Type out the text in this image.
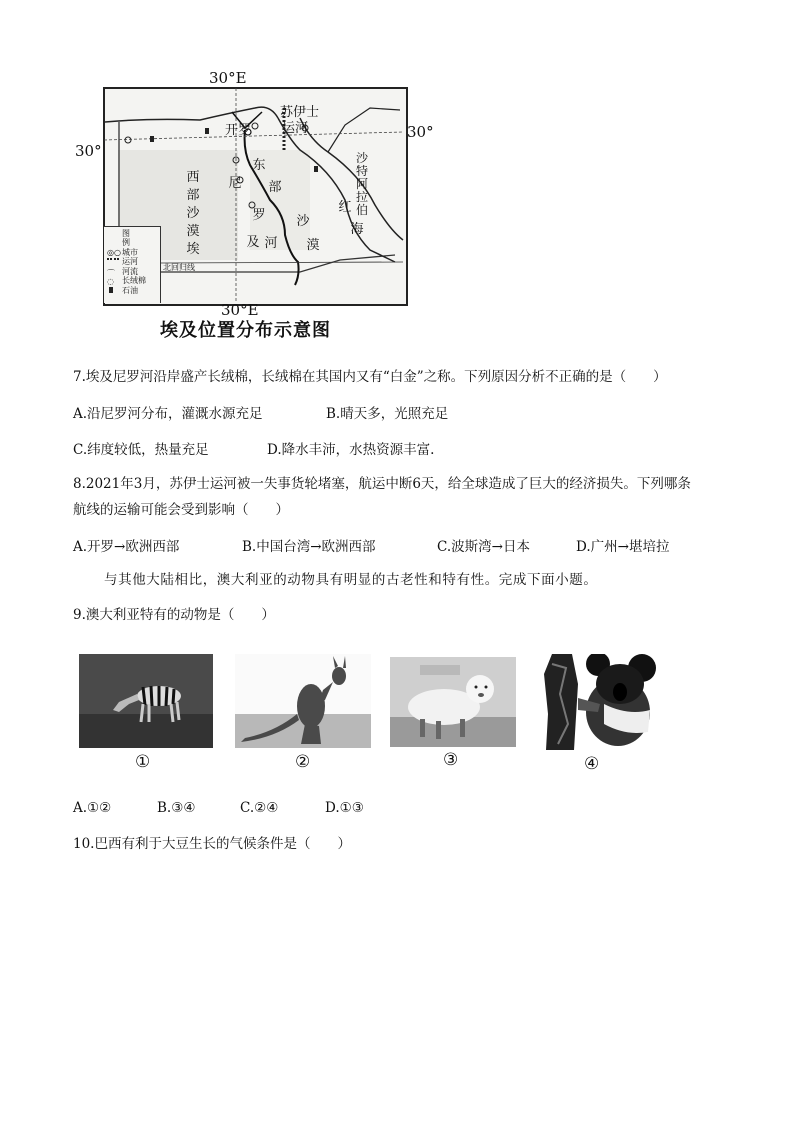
30°E
30°E
30°
30°
开罗
苏伊士
运河
沙特阿拉伯
东
部
沙
漠
红
海
西
部
沙
漠
埃	及
尼
罗
河
北回归线
图
例
◎○ 城市
运河
⌒ 河流
◌ 长绒棉
石油
埃及位置分布示意图
7.埃及尼罗河沿岸盛产长绒棉，长绒棉在其国内又有“白金”之称。下列原因分析不正确的是（　　）
A.沿尼罗河分布，灌溉水源充足	B.晴天多，光照充足
C.纬度较低，热量充足	D.降水丰沛，水热资源丰富.
8.2021年3月，苏伊士运河被一失事货轮堵塞，航运中断6天，给全球造成了巨大的经济损失。下列哪条
航线的运输可能会受到影响（　　）
A.开罗→欧洲西部	B.中国台湾→欧洲西部	C.波斯湾→日本	D.广州→堪培拉
与其他大陆相比，澳大利亚的动物具有明显的古老性和特有性。完成下面小题。
9.澳大利亚特有的动物是（　　）
①	②	③	④
A.①②	B.③④	C.②④	D.①③
10.巴西有利于大豆生长的气候条件是（　　）
